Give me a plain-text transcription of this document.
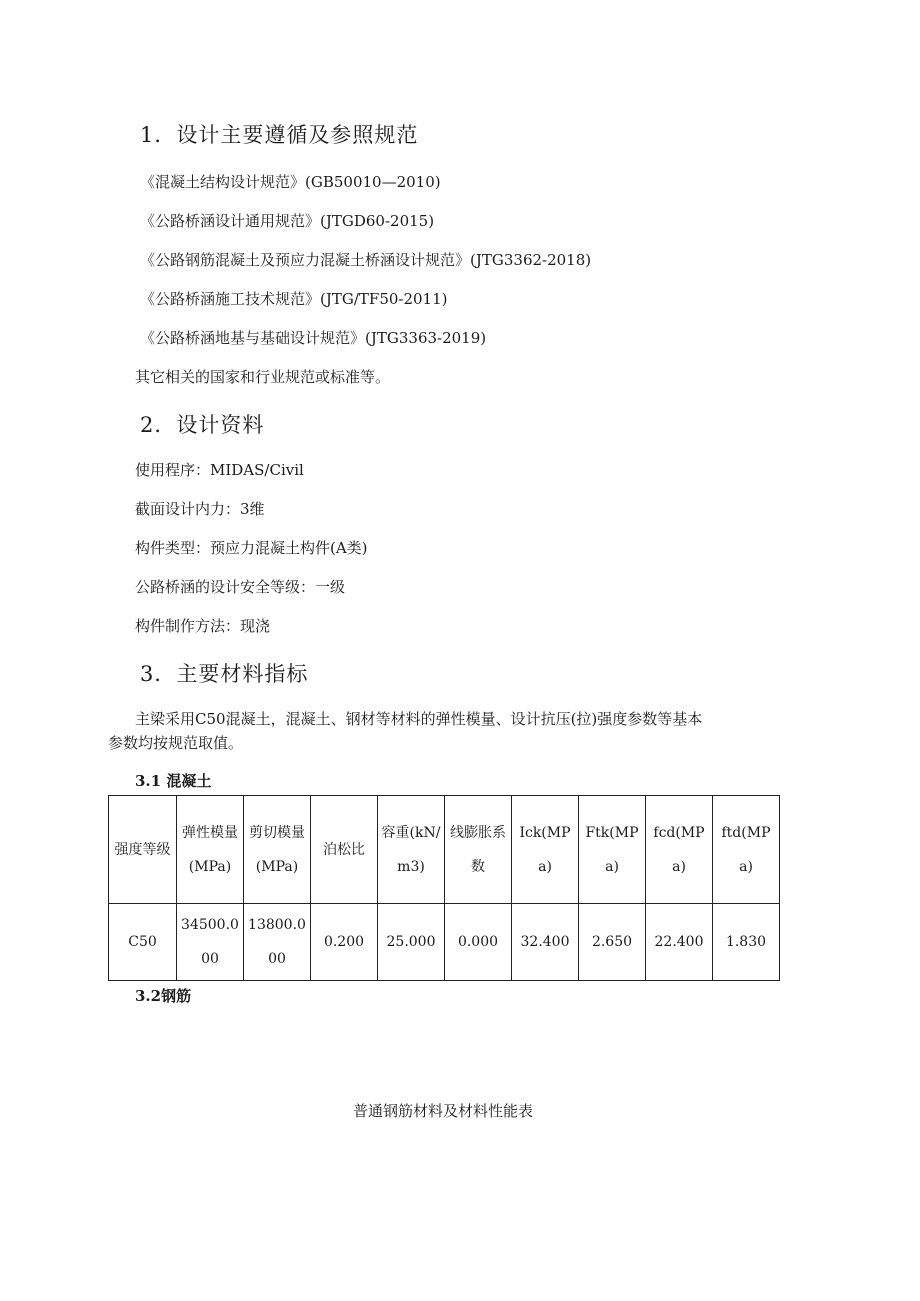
1．设计主要遵循及参照规范
《混凝土结构设计规范》(GB50010—2010)
《公路桥涵设计通用规范》(JTGD60-2015)
《公路钢筋混凝土及预应力混凝土桥涵设计规范》(JTG3362-2018)
《公路桥涵施工技术规范》(JTG/TF50-2011)
《公路桥涵地基与基础设计规范》(JTG3363-2019)
其它相关的国家和行业规范或标准等。
2．设计资料
使用程序：MIDAS/Civil
截面设计内力：3维
构件类型：预应力混凝土构件(A类)
公路桥涵的设计安全等级：一级
构件制作方法：现浇
3．主要材料指标
主梁采用C50混凝土，混凝土、钢材等材料的弹性模量、设计抗压(拉)强度参数等基本
参数均按规范取值。
3.1 混凝土
强度等级	弹性模量(MPa)	剪切模量(MPa)	泊松比	容重(kN/m3)	线膨胀系数	Ick(MPa)	Ftk(MPa)	fcd(MPa)	ftd(MPa)
C50	34500.000	13800.000	0.200	25.000	0.000	32.400	2.650	22.400	1.830
3.2钢筋
普通钢筋材料及材料性能表
